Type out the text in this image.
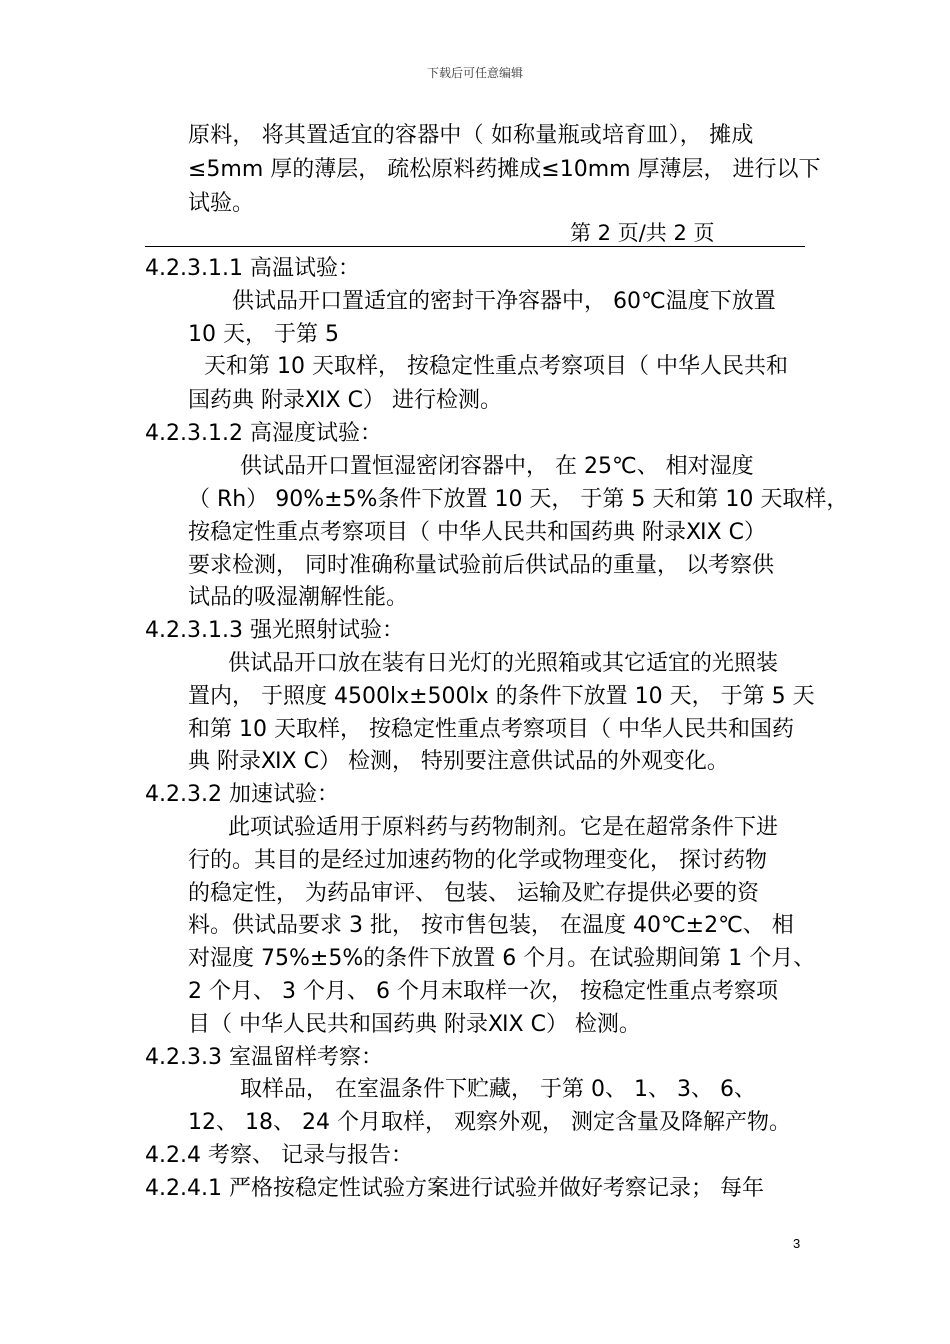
下载后可任意编辑
原料， 将其置适宜的容器中（ 如称量瓶或培育皿）， 摊成
≤5mm 厚的薄层， 疏松原料药摊成≤10mm 厚薄层， 进行以下
试验。
第 2 页/共 2 页
4.2.3.1.1 高温试验：
供试品开口置适宜的密封干净容器中， 60℃温度下放置
10 天， 于第 5
天和第 10 天取样， 按稳定性重点考察项目（ 中华人民共和
国药典 附录ⅪⅩ C） 进行检测。
4.2.3.1.2 高湿度试验：
供试品开口置恒湿密闭容器中， 在 25℃、 相对湿度
（ Rh） 90%±5%条件下放置 10 天， 于第 5 天和第 10 天取样，
按稳定性重点考察项目（ 中华人民共和国药典 附录ⅪⅩ C）
要求检测， 同时准确称量试验前后供试品的重量， 以考察供
试品的吸湿潮解性能。
4.2.3.1.3 强光照射试验：
供试品开口放在装有日光灯的光照箱或其它适宜的光照装
置内， 于照度 4500lx±500lx 的条件下放置 10 天， 于第 5 天
和第 10 天取样， 按稳定性重点考察项目（ 中华人民共和国药
典 附录ⅪⅩ C） 检测， 特别要注意供试品的外观变化。
4.2.3.2 加速试验：
此项试验适用于原料药与药物制剂。它是在超常条件下进
行的。其目的是经过加速药物的化学或物理变化， 探讨药物
的稳定性， 为药品审评、 包装、 运输及贮存提供必要的资
料。供试品要求 3 批， 按市售包装， 在温度 40℃±2℃、 相
对湿度 75%±5%的条件下放置 6 个月。在试验期间第 1 个月、
2 个月、 3 个月、 6 个月末取样一次， 按稳定性重点考察项
目（ 中华人民共和国药典 附录ⅪⅩ C） 检测。
4.2.3.3 室温留样考察：
取样品， 在室温条件下贮藏， 于第 0、 1、 3、 6、
12、 18、 24 个月取样， 观察外观， 测定含量及降解产物。
4.2.4 考察、 记录与报告：
4.2.4.1 严格按稳定性试验方案进行试验并做好考察记录； 每年
3
